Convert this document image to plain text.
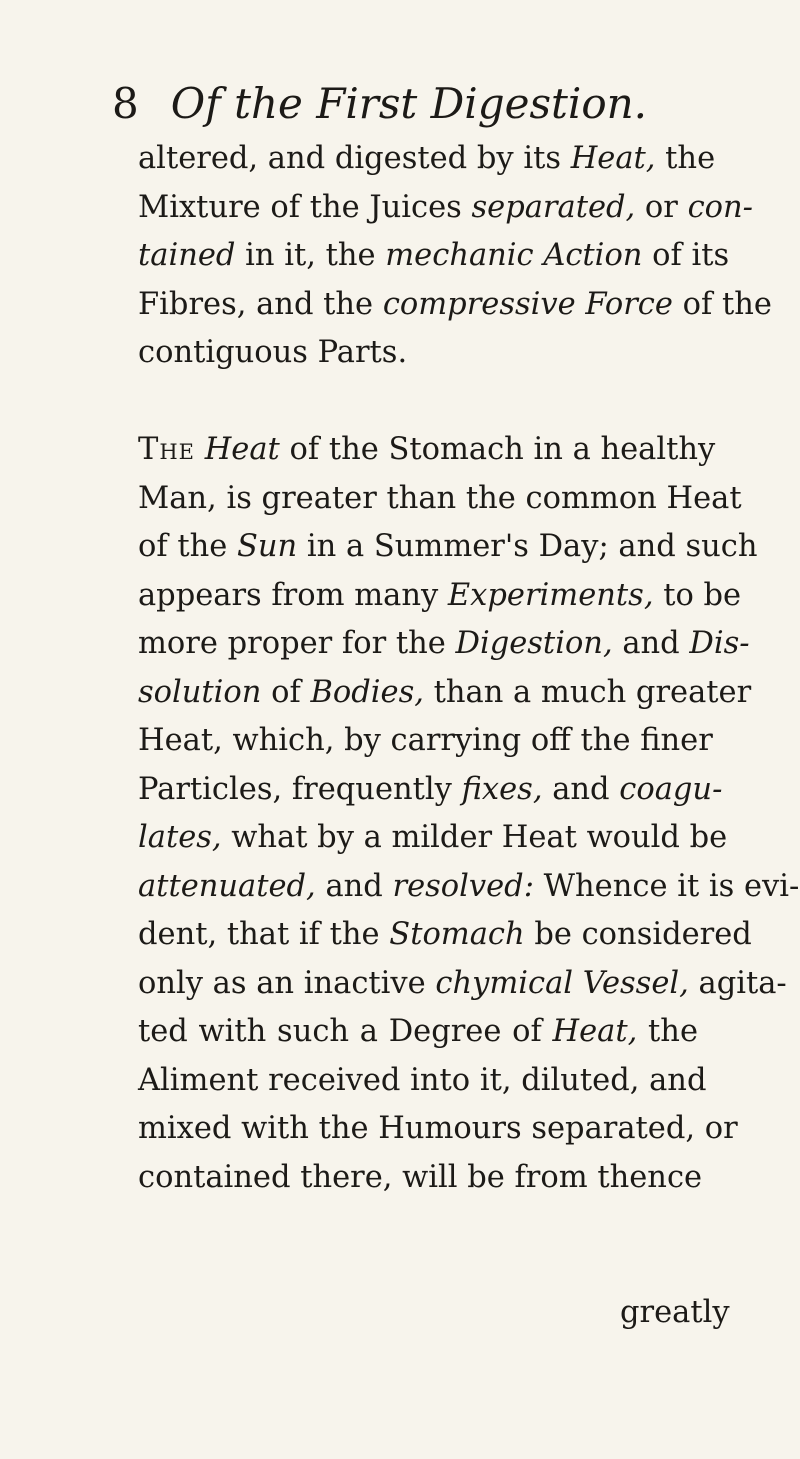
8 Of the First Digestion.
altered, and digested by its Heat, the
Mixture of the Juices separated, or con-
tained in it, the mechanic Action of its
Fibres, and the compressive Force of the
contiguous Parts.
The Heat of the Stomach in a healthy
Man, is greater than the common Heat
of the Sun in a Summer's Day; and such
appears from many Experiments, to be
more proper for the Digestion, and Dis-
solution of Bodies, than a much greater
Heat, which, by carrying off the finer
Particles, frequently fixes, and coagu-
lates, what by a milder Heat would be
attenuated, and resolved: Whence it is evi-
dent, that if the Stomach be considered
only as an inactive chymical Vessel, agita-
ted with such a Degree of Heat, the
Aliment received into it, diluted, and
mixed with the Humours separated, or
contained there, will be from thence
greatly
